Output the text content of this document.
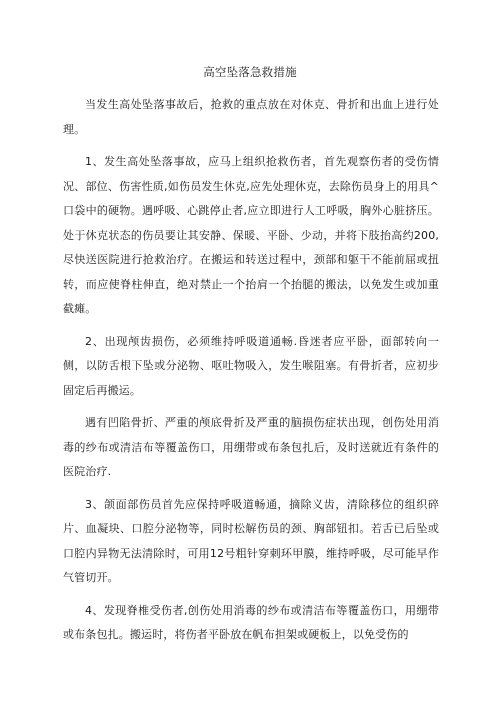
高空坠落急救措施

当发生高处坠落事故后，抢救的重点放在对休克、骨折和出血上进行处理。

1、发生高处坠落事故，应马上组织抢救伤者，首先观察伤者的受伤情况、部位、伤害性质,如伤员发生休克,应先处理休克，去除伤员身上的用具^口袋中的硬物。遇呼吸、心跳停止者,应立即进行人工呼吸，胸外心脏挤压。处于休克状态的伤员要让其安静、保暖、平卧、少动，并将下肢抬高约200,尽快送医院进行抢救治疗。在搬运和转送过程中，颈部和躯干不能前屈或扭转，而应使脊柱伸直，绝对禁止一个抬肩一个抬腿的搬法，以免发生或加重截瘫。

2、出现颅齿损伤，必须维持呼吸道通畅.昏迷者应平卧，面部转向一侧，以防舌根下坠或分泌物、呕吐物吸入，发生喉阻塞。有骨折者，应初步固定后再搬运。

遇有凹陷骨折、严重的颅底骨折及严重的脑损伤症状出现，创伤处用消毒的纱布或清洁布等覆盖伤口，用绷带或布条包扎后，及时送就近有条件的医院治疗.

3、颌面部伤员首先应保持呼吸道畅通，摘除义齿，清除移位的组织碎片、血凝块、口腔分泌物等，同时松解伤员的颈、胸部钮扣。若舌已后坠或口腔内异物无法清除时，可用12号粗针穿刺环甲膜，维持呼吸，尽可能早作气管切开。

4、发现脊椎受伤者,创伤处用消毒的纱布或清洁布等覆盖伤口，用绷带或布条包扎。搬运时，将伤者平卧放在帆布担架或硬板上，以免受伤的
